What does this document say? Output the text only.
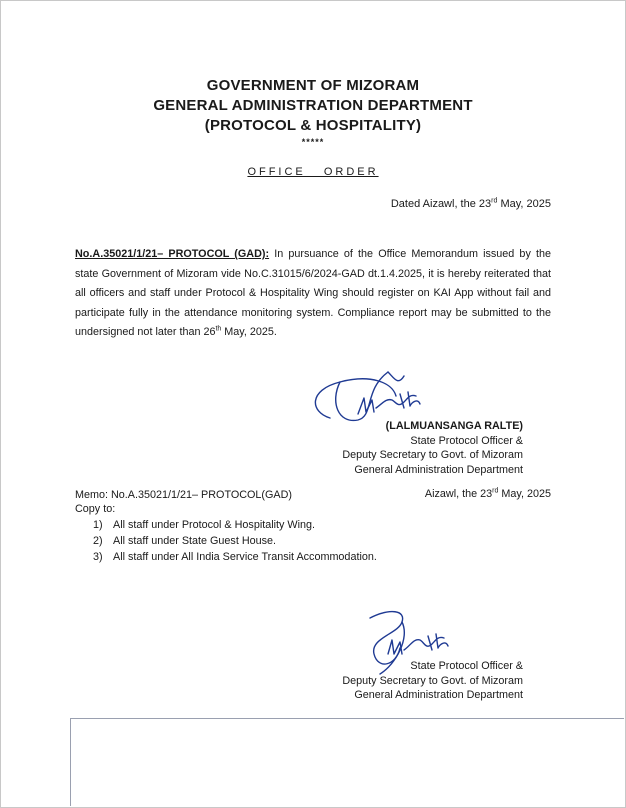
GOVERNMENT OF MIZORAM
GENERAL ADMINISTRATION DEPARTMENT
(PROTOCOL & HOSPITALITY)
*****
OFFICE ORDER
Dated Aizawl, the 23rd May, 2025
No.A.35021/1/21– PROTOCOL (GAD): In pursuance of the Office Memorandum issued by the state Government of Mizoram vide No.C.31015/6/2024-GAD dt.1.4.2025, it is hereby reiterated that all officers and staff under Protocol & Hospitality Wing should register on KAI App without fail and participate fully in the attendance monitoring system. Compliance report may be submitted to the undersigned not later than 26th May, 2025.
(LALMUANSANGA RALTE)
State Protocol Officer &
Deputy Secretary to Govt. of Mizoram
General Administration Department
Memo: No.A.35021/1/21– PROTOCOL(GAD)
Copy to:
Aizawl, the 23rd May, 2025
1) All staff under Protocol & Hospitality Wing.
2) All staff under State Guest House.
3) All staff under All India Service Transit Accommodation.
State Protocol Officer &
Deputy Secretary to Govt. of Mizoram
General Administration Department
